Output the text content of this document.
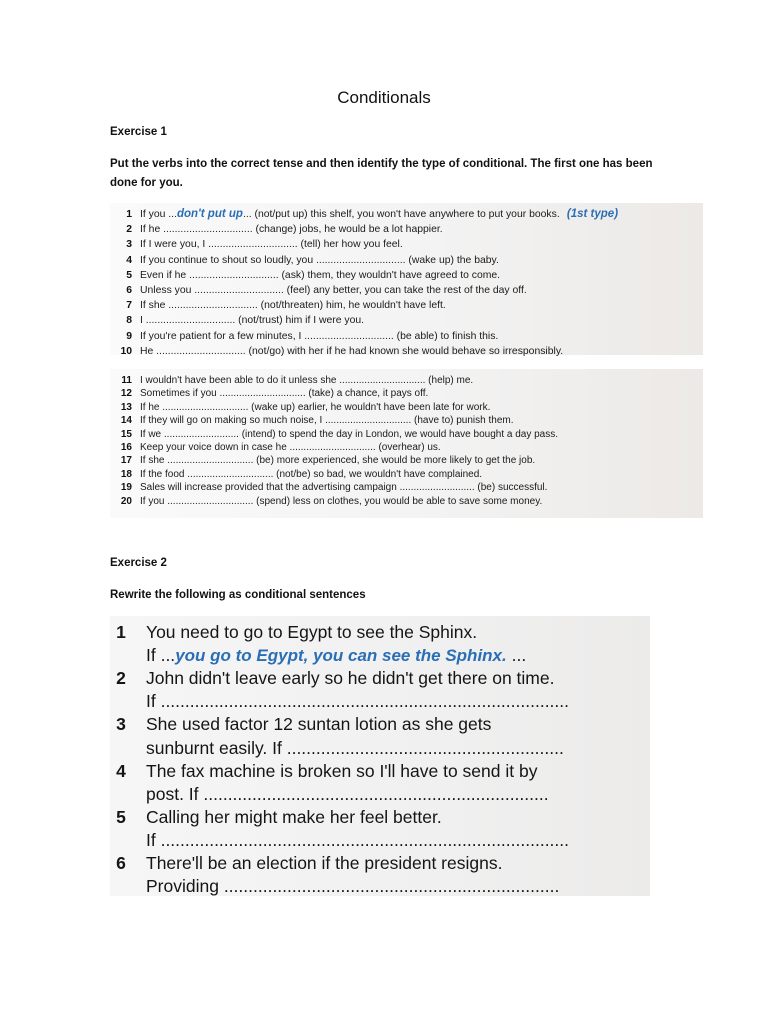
Conditionals
Exercise 1
Put the verbs into the correct tense and then identify the type of conditional. The first one has been done for you.
1 If you ...don't put up... (not/put up) this shelf, you won't have anywhere to put your books. (1st type)
2 If he ............................... (change) jobs, he would be a lot happier.
3 If I were you, I ............................... (tell) her how you feel.
4 If you continue to shout so loudly, you ............................... (wake up) the baby.
5 Even if he ............................... (ask) them, they wouldn't have agreed to come.
6 Unless you ............................... (feel) any better, you can take the rest of the day off.
7 If she ............................... (not/threaten) him, he wouldn't have left.
8 I ............................... (not/trust) him if I were you.
9 If you're patient for a few minutes, I ............................... (be able) to finish this.
10 He ............................... (not/go) with her if he had known she would behave so irresponsibly.
11 I wouldn't have been able to do it unless she ............................... (help) me.
12 Sometimes if you ............................... (take) a chance, it pays off.
13 If he ............................... (wake up) earlier, he wouldn't have been late for work.
14 If they will go on making so much noise, I ............................... (have to) punish them.
15 If we ........................... (intend) to spend the day in London, we would have bought a day pass.
16 Keep your voice down in case he ............................... (overhear) us.
17 If she ............................... (be) more experienced, she would be more likely to get the job.
18 If the food ............................... (not/be) so bad, we wouldn't have complained.
19 Sales will increase provided that the advertising campaign ........................... (be) successful.
20 If you ............................... (spend) less on clothes, you would be able to save some money.
Exercise 2
Rewrite the following as conditional sentences
1 You need to go to Egypt to see the Sphinx.
If ...you go to Egypt, you can see the Sphinx. ...
2 John didn't leave early so he didn't get there on time.
If ....................................................................................
3 She used factor 12 suntan lotion as she gets
sunburnt easily. If .........................................................
4 The fax machine is broken so I'll have to send it by
post. If .......................................................................
5 Calling her might make her feel better.
If ....................................................................................
6 There'll be an election if the president resigns.
Providing .....................................................................
